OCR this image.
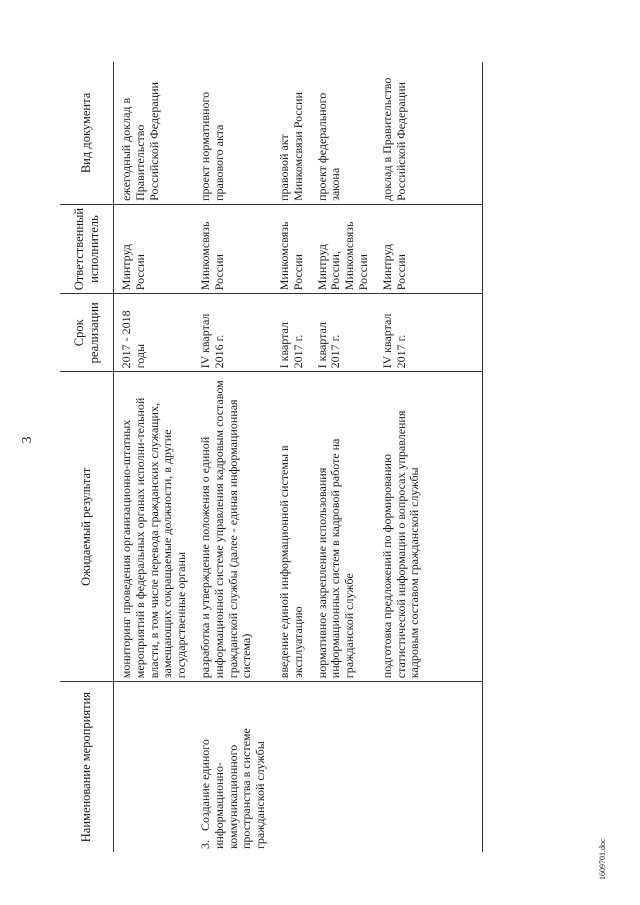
3
1609701.doc
Наименование мероприятия	Ожидаемый результат	Срок реализации	Ответственный исполнитель	Вид документа
	мониторинг проведения организационно-штатных мероприятий в федеральных органах исполни-тельной власти, в том числе перевода гражданских служащих, замещающих сокращаемые должности, в другие государственные органы	2017 - 2018 годы	Минтруд России	ежегодный доклад в Правительство Российской Федерации
3.Создание единого информационно-коммуникационного пространства в системе гражданской службы	разработка и утверждение положения о единой информационной системе управления кадровым составом гражданской службы (далее - единая информационная система)	IV квартал 2016 г.	Минкомсвязь России	проект нормативного правового акта
	введение единой информационной системы в эксплуатацию	I квартал 2017 г.	Минкомсвязь России	правовой акт Минкомсвязи России
	нормативное закрепление использования информационных систем в кадровой работе на гражданской службе	I квартал 2017 г.	Минтруд России, Минкомсвязь России	проект федерального закона
	подготовка предложений по формированию статистической информации о вопросах управления кадровым составом гражданской службы	IV квартал 2017 г.	Минтруд России	доклад в Правительство Российской Федерации
